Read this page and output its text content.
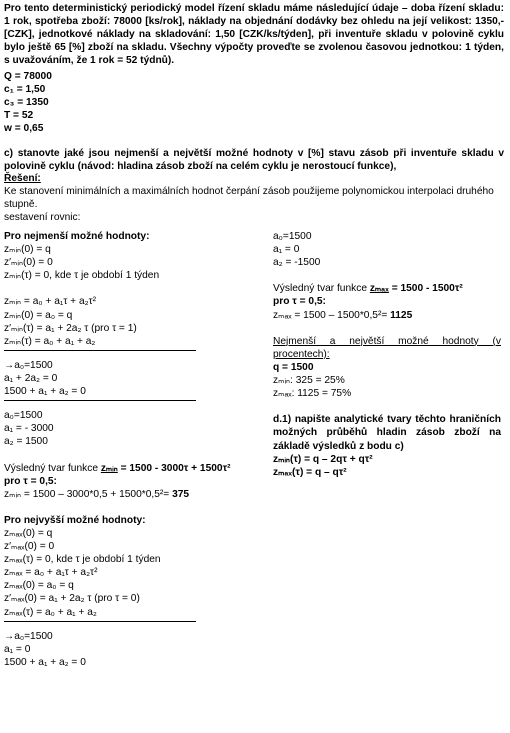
Pro tento deterministický periodický model řízení skladu máme následující údaje – doba řízení skladu: 1 rok, spotřeba zboží: 78000 [ks/rok], náklady na objednání dodávky bez ohledu na její velikost: 1350,- [CZK], jednotkové náklady na skladování: 1,50 [CZK/ks/týden], při inventuře skladu v polovině cyklu bylo ještě 65 [%] zboží na skladu. Všechny výpočty proveďte se zvolenou časovou jednotkou: 1 týden, s uvažováním, že 1 rok = 52 týdnů).

Q = 78000
c₁ = 1,50
c₃ = 1350
T = 52
w = 0,65
c) stanovte jaké jsou nejmenší a největší možné hodnoty v [%] stavu zásob při inventuře skladu v polovině cyklu (návod: hladina zásob zboží na celém cyklu je nerostoucí funkce),
Řešení:
Ke stanovení minimálních a maximálních hodnot čerpání zásob použijeme polynomickou interpolaci druhého stupně.
sestavení rovnic:
Pro nejmenší možné hodnoty:
zₘᵢₙ(0) = q
z′ₘᵢₙ(0) = 0
zₘᵢₙ(τ) = 0, kde τ je období 1 týden
zₘᵢₙ = a₀ + a₁τ + a₂τ²
zₘᵢₙ(0) = a₀ = q
z′ₘᵢₙ(τ) = a₁ + 2a₂ τ (pro τ = 1)
zₘᵢₙ(τ) = a₀ + a₁ + a₂
→a₀=1500
a₁ + 2a₂ = 0
1500 + a₁ + a₂ = 0
a₀=1500
a₁ = - 3000
a₂ = 1500
Výsledný tvar funkce zₘᵢₙ = 1500 - 3000τ + 1500τ²
pro τ = 0,5:
zₘᵢₙ = 1500 – 3000*0,5 + 1500*0,5²= 375
Pro nejvyšší možné hodnoty:
zₘₐₓ(0) = q
z′ₘₐₓ(0) = 0
zₘₐₓ(τ) = 0, kde τ je období 1 týden
zₘₐₓ = a₀ + a₁τ + a₂τ²
zₘₐₓ(0) = a₀ = q
z′ₘₐₓ(0) = a₁ + 2a₂ τ (pro τ = 0)
zₘₐₓ(τ) = a₀ + a₁ + a₂
→a₀=1500
a₁ = 0
1500 + a₁ + a₂ = 0
a₀=1500
a₁ = 0
a₂ = -1500
Výsledný tvar funkce zₘₐₓ = 1500 - 1500τ²
pro τ = 0,5:
zₘₐₓ = 1500 – 1500*0,5²= 1125
Nejmenší a největší možné hodnoty (v procentech):
q = 1500
zₘᵢₙ: 325 = 25%
zₘₐₓ: 1125 = 75%
d.1) napište analytické tvary těchto hraničních možných průběhů hladin zásob zboží na základě výsledků z bodu c)
zₘᵢₙ(τ) = q – 2qτ + qτ²
zₘₐₓ(τ) = q – qτ²
